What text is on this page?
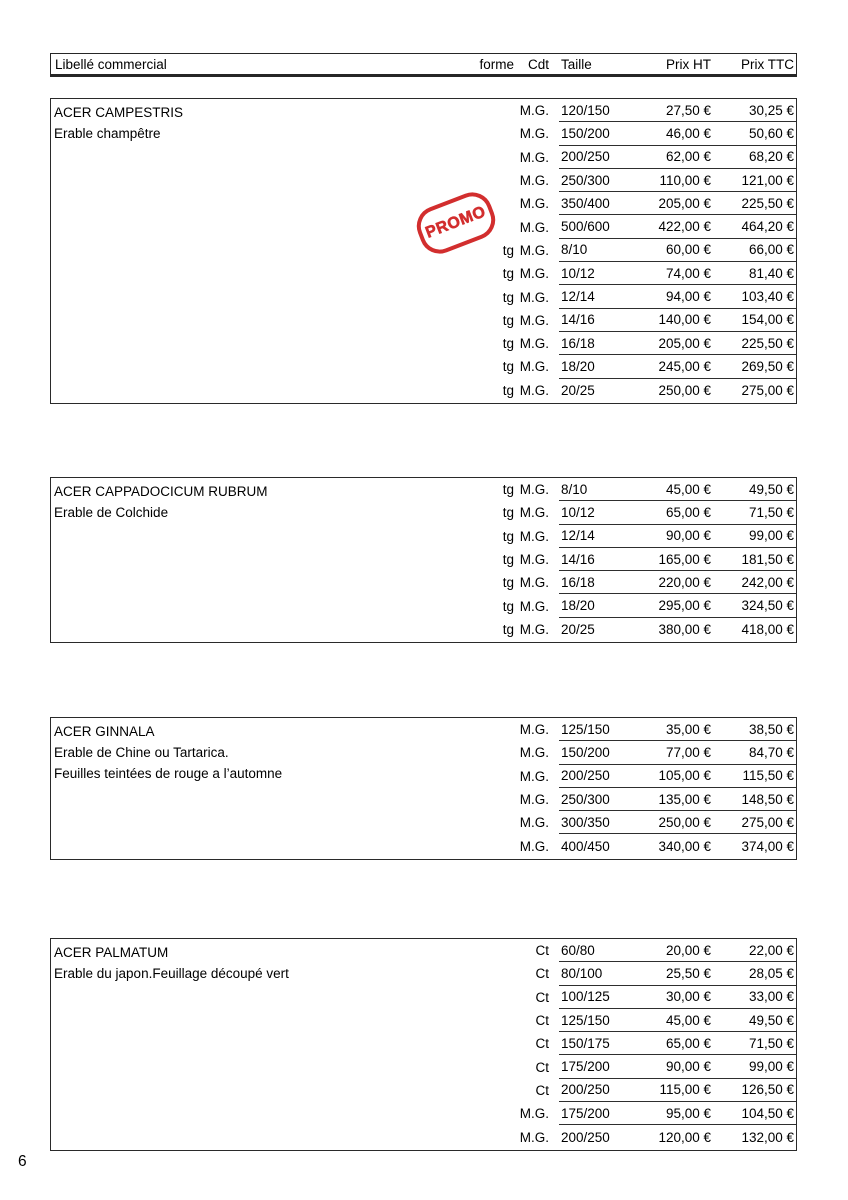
Libellé commercial	forme	Cdt Taille	Prix HT	Prix TTC
ACER CAMPESTRIS
Erable champêtre
M.G. 120/150	27,50 €	30,25 €
M.G. 150/200	46,00 €	50,60 €
M.G. 200/250	62,00 €	68,20 €
M.G. 250/300	110,00 €	121,00 €
M.G. 350/400	205,00 €	225,50 €
M.G. 500/600	422,00 €	464,20 €
tg M.G. 8/10	60,00 €	66,00 €
tg M.G. 10/12	74,00 €	81,40 €
tg M.G. 12/14	94,00 €	103,40 €
tg M.G. 14/16	140,00 €	154,00 €
tg M.G. 16/18	205,00 €	225,50 €
tg M.G. 18/20	245,00 €	269,50 €
tg M.G. 20/25	250,00 €	275,00 €
PROMO
ACER CAPPADOCICUM RUBRUM
Erable de Colchide
tg M.G. 8/10	45,00 €	49,50 €
tg M.G. 10/12	65,00 €	71,50 €
tg M.G. 12/14	90,00 €	99,00 €
tg M.G. 14/16	165,00 €	181,50 €
tg M.G. 16/18	220,00 €	242,00 €
tg M.G. 18/20	295,00 €	324,50 €
tg M.G. 20/25	380,00 €	418,00 €
ACER GINNALA
Erable de Chine ou Tartarica.
Feuilles teintées de rouge a l’automne
M.G. 125/150	35,00 €	38,50 €
M.G. 150/200	77,00 €	84,70 €
M.G. 200/250	105,00 €	115,50 €
M.G. 250/300	135,00 €	148,50 €
M.G. 300/350	250,00 €	275,00 €
M.G. 400/450	340,00 €	374,00 €
ACER PALMATUM
Erable du japon.Feuillage découpé vert
Ct 60/80	20,00 €	22,00 €
Ct 80/100	25,50 €	28,05 €
Ct 100/125	30,00 €	33,00 €
Ct 125/150	45,00 €	49,50 €
Ct 150/175	65,00 €	71,50 €
Ct 175/200	90,00 €	99,00 €
Ct 200/250	115,00 €	126,50 €
M.G. 175/200	95,00 €	104,50 €
M.G. 200/250	120,00 €	132,00 €
6
